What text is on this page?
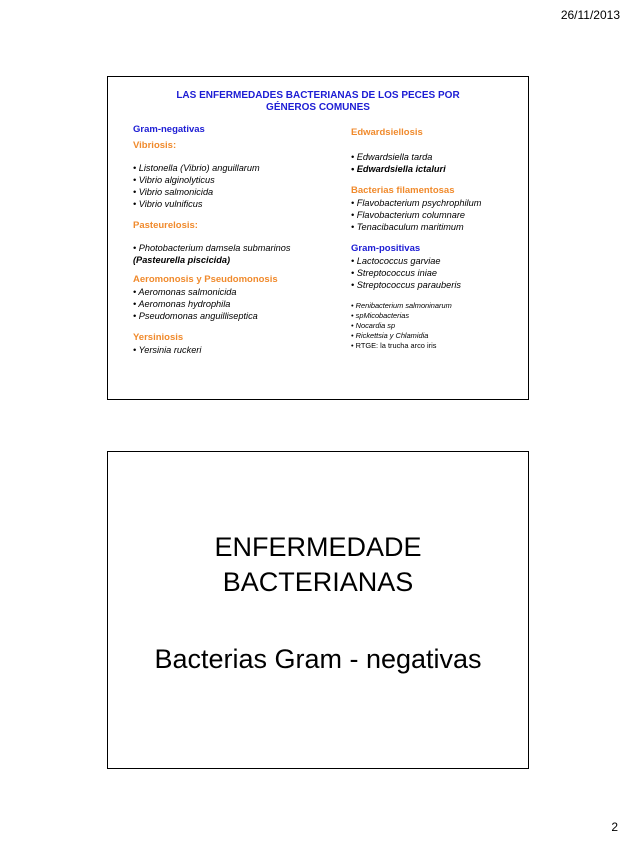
26/11/2013
LAS ENFERMEDADES BACTERIANAS DE LOS PECES POR
GÉNEROS COMUNES
Gram-negativas
Vibriosis:
• Listonella (Vibrio) anguillarum
• Vibrio alginolyticus
• Vibrio salmonicida
• Vibrio vulnificus
Pasteurelosis:
• Photobacterium damsela submarinos
(Pasteurella piscicida)
Aeromonosis y Pseudomonosis
• Aeromonas salmonicida
• Aeromonas hydrophila
• Pseudomonas anguilliseptica
Yersiniosis
• Yersinia ruckeri
Edwardsiellosis
• Edwardsiella tarda
• Edwardsiella ictaluri
Bacterias filamentosas
• Flavobacterium psychrophilum
• Flavobacterium columnare
• Tenacibaculum maritimum
Gram-positivas
• Lactococcus garviae
• Streptococcus iniae
• Streptococcus parauberis
• Renibacterium salmoninarum
• spMicobacterias
• Nocardia sp
• Rickettsia y Chlamidia
• RTGE: la trucha arco iris
ENFERMEDADE
BACTERIANAS
Bacterias Gram - negativas
2
